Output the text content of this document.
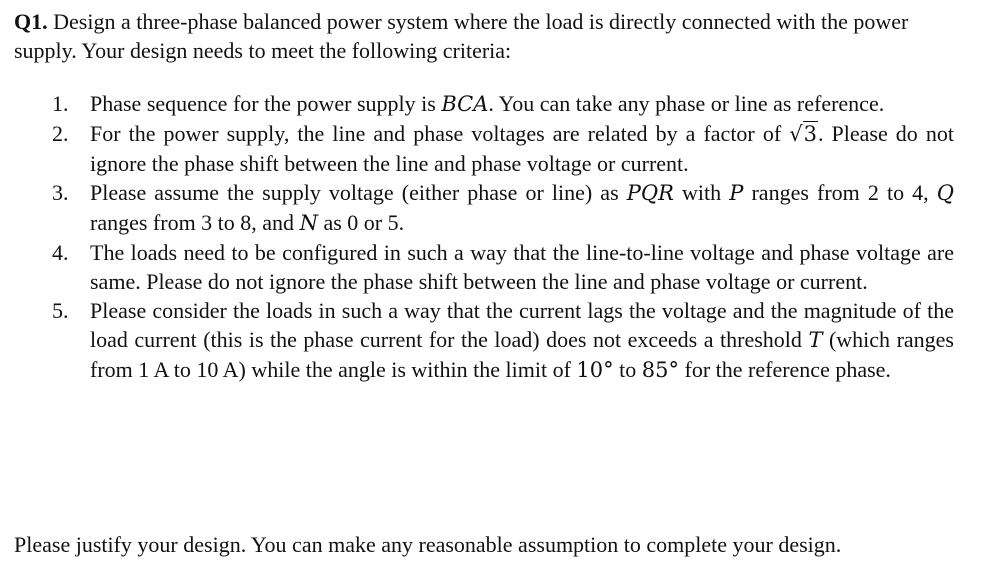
Q1. Design a three-phase balanced power system where the load is directly connected with the power supply. Your design needs to meet the following criteria:

1. Phase sequence for the power supply is BCA. You can take any phase or line as reference.
2. For the power supply, the line and phase voltages are related by a factor of √3. Please do not ignore the phase shift between the line and phase voltage or current.
3. Please assume the supply voltage (either phase or line) as PQR with P ranges from 2 to 4, Q ranges from 3 to 8, and N as 0 or 5.
4. The loads need to be configured in such a way that the line-to-line voltage and phase voltage are same. Please do not ignore the phase shift between the line and phase voltage or current.
5. Please consider the loads in such a way that the current lags the voltage and the magnitude of the load current (this is the phase current for the load) does not exceeds a threshold T (which ranges from 1 A to 10 A) while the angle is within the limit of 10° to 85° for the reference phase.

Please justify your design. You can make any reasonable assumption to complete your design.
